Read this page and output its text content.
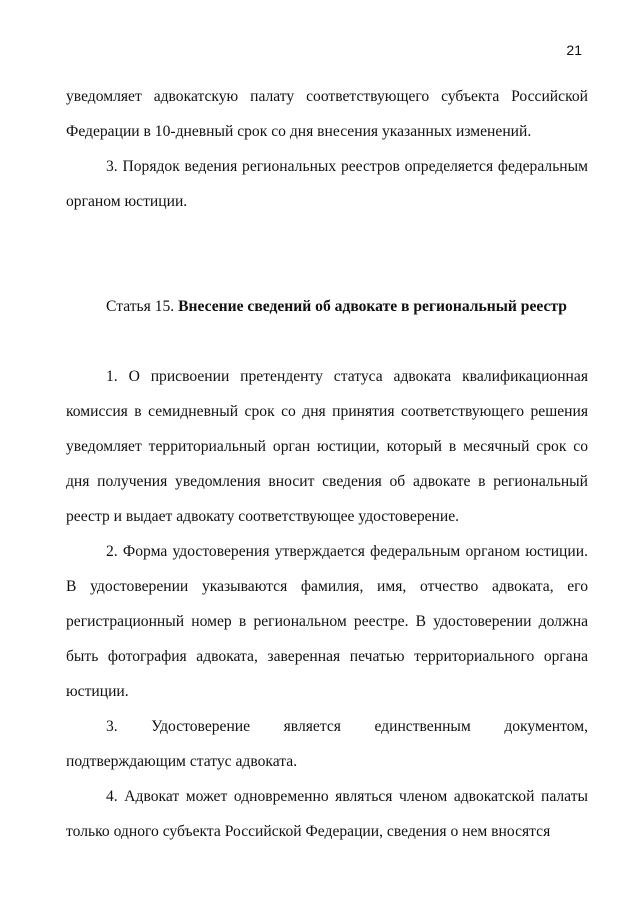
21

уведомляет адвокатскую палату соответствующего субъекта Российской Федерации в 10-дневный срок со дня внесения указанных изменений.

3. Порядок ведения региональных реестров определяется федеральным органом юстиции.

Статья 15. Внесение сведений об адвокате в региональный реестр

1. О присвоении претенденту статуса адвоката квалификационная комиссия в семидневный срок со дня принятия соответствующего решения уведомляет территориальный орган юстиции, который в месячный срок со дня получения уведомления вносит сведения об адвокате в региональный реестр и выдает адвокату соответствующее удостоверение.

2. Форма удостоверения утверждается федеральным органом юстиции. В удостоверении указываются фамилия, имя, отчество адвоката, его регистрационный номер в региональном реестре. В удостоверении должна быть фотография адвоката, заверенная печатью территориального органа юстиции.

3. Удостоверение является единственным документом, подтверждающим статус адвоката.

4. Адвокат может одновременно являться членом адвокатской палаты только одного субъекта Российской Федерации, сведения о нем вносятся
